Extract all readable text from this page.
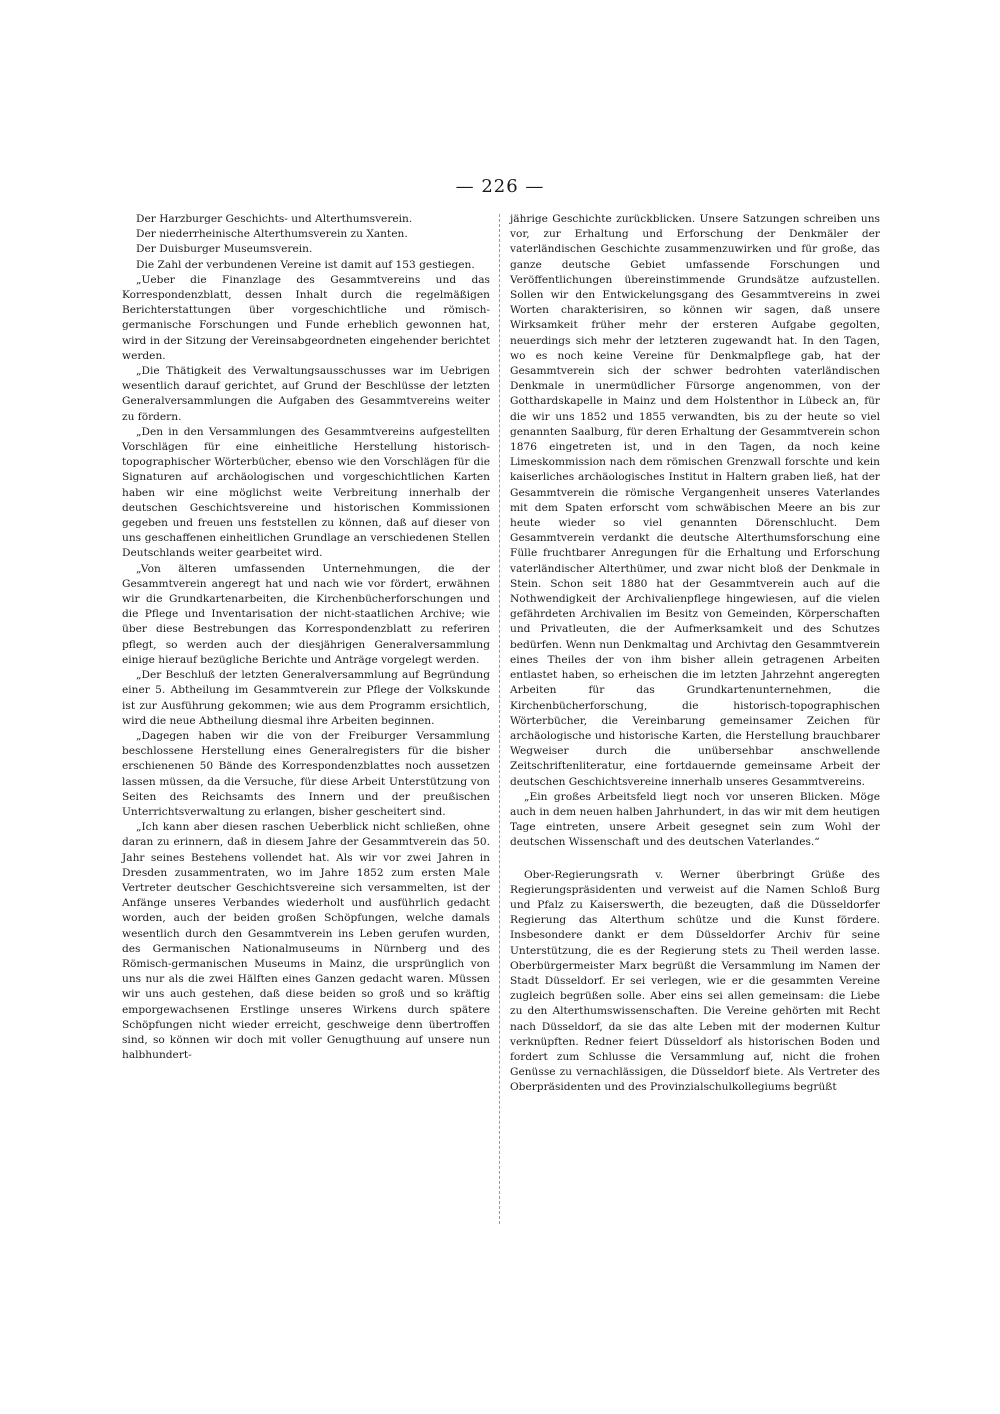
— 226 —

Der Harzburger Geschichts- und Alterthumsverein.

Der niederrheinische Alterthumsverein zu Xanten.

Der Duisburger Museumsverein.

Die Zahl der verbundenen Vereine ist damit auf 153 gestiegen.

„Ueber die Finanzlage des Gesammtvereins und das Korrespondenzblatt, dessen Inhalt durch die regelmäßigen Berichterstattungen über vorgeschichtliche und römisch-germanische Forschungen und Funde erheblich gewonnen hat, wird in der Sitzung der Vereinsabgeordneten eingehender berichtet werden.

„Die Thätigkeit des Verwaltungsausschusses war im Uebrigen wesentlich darauf gerichtet, auf Grund der Beschlüsse der letzten Generalversammlungen die Aufgaben des Gesammtvereins weiter zu fördern.

„Den in den Versammlungen des Gesammtvereins aufgestellten Vorschlägen für eine einheitliche Herstellung historisch-topographischer Wörterbücher, ebenso wie den Vorschlägen für die Signaturen auf archäologischen und vorgeschichtlichen Karten haben wir eine möglichst weite Verbreitung innerhalb der deutschen Geschichtsvereine und historischen Kommissionen gegeben und freuen uns feststellen zu können, daß auf dieser von uns geschaffenen einheitlichen Grundlage an verschiedenen Stellen Deutschlands weiter gearbeitet wird.

„Von älteren umfassenden Unternehmungen, die der Gesammtverein angeregt hat und nach wie vor fördert, erwähnen wir die Grundkartenarbeiten, die Kirchenbücherforschungen und die Pflege und Inventarisation der nicht-staatlichen Archive; wie über diese Bestrebungen das Korrespondenzblatt zu referiren pflegt, so werden auch der diesjährigen Generalversammlung einige hierauf bezügliche Berichte und Anträge vorgelegt werden.

„Der Beschluß der letzten Generalversammlung auf Begründung einer 5. Abtheilung im Gesammtverein zur Pflege der Volkskunde ist zur Ausführung gekommen; wie aus dem Programm ersichtlich, wird die neue Abtheilung diesmal ihre Arbeiten beginnen.

„Dagegen haben wir die von der Freiburger Versammlung beschlossene Herstellung eines Generalregisters für die bisher erschienenen 50 Bände des Korrespondenzblattes noch aussetzen lassen müssen, da die Versuche, für diese Arbeit Unterstützung von Seiten des Reichsamts des Innern und der preußischen Unterrichtsverwaltung zu erlangen, bisher gescheitert sind.

„Ich kann aber diesen raschen Ueberblick nicht schließen, ohne daran zu erinnern, daß in diesem Jahre der Gesammtverein das 50. Jahr seines Bestehens vollendet hat. Als wir vor zwei Jahren in Dresden zusammentraten, wo im Jahre 1852 zum ersten Male Vertreter deutscher Geschichtsvereine sich versammelten, ist der Anfänge unseres Verbandes wiederholt und ausführlich gedacht worden, auch der beiden großen Schöpfungen, welche damals wesentlich durch den Gesammtverein ins Leben gerufen wurden, des Germanischen Nationalmuseums in Nürnberg und des Römisch-germanischen Museums in Mainz, die ursprünglich von uns nur als die zwei Hälften eines Ganzen gedacht waren. Müssen wir uns auch gestehen, daß diese beiden so groß und so kräftig emporgewachsenen Erstlinge unseres Wirkens durch spätere Schöpfungen nicht wieder erreicht, geschweige denn übertroffen sind, so können wir doch mit voller Genugthuung auf unsere nun halbhundert-

jährige Geschichte zurückblicken. Unsere Satzungen schreiben uns vor, zur Erhaltung und Erforschung der Denkmäler der vaterländischen Geschichte zusammenzuwirken und für große, das ganze deutsche Gebiet umfassende Forschungen und Veröffentlichungen übereinstimmende Grundsätze aufzustellen. Sollen wir den Entwickelungsgang des Gesammtvereins in zwei Worten charakterisiren, so können wir sagen, daß unsere Wirksamkeit früher mehr der ersteren Aufgabe gegolten, neuerdings sich mehr der letzteren zugewandt hat. In den Tagen, wo es noch keine Vereine für Denkmalpflege gab, hat der Gesammtverein sich der schwer bedrohten vaterländischen Denkmale in unermüdlicher Fürsorge angenommen, von der Gotthardskapelle in Mainz und dem Holstenthor in Lübeck an, für die wir uns 1852 und 1855 verwandten, bis zu der heute so viel genannten Saalburg, für deren Erhaltung der Gesammtverein schon 1876 eingetreten ist, und in den Tagen, da noch keine Limeskommission nach dem römischen Grenzwall forschte und kein kaiserliches archäologisches Institut in Haltern graben ließ, hat der Gesammtverein die römische Vergangenheit unseres Vaterlandes mit dem Spaten erforscht vom schwäbischen Meere an bis zur heute wieder so viel genannten Dörenschlucht. Dem Gesammtverein verdankt die deutsche Alterthumsforschung eine Fülle fruchtbarer Anregungen für die Erhaltung und Erforschung vaterländischer Alterthümer, und zwar nicht bloß der Denkmale in Stein. Schon seit 1880 hat der Gesammtverein auch auf die Nothwendigkeit der Archivalienpflege hingewiesen, auf die vielen gefährdeten Archivalien im Besitz von Gemeinden, Körperschaften und Privatleuten, die der Aufmerksamkeit und des Schutzes bedürfen. Wenn nun Denkmaltag und Archivtag den Gesammtverein eines Theiles der von ihm bisher allein getragenen Arbeiten entlastet haben, so erheischen die im letzten Jahrzehnt angeregten Arbeiten für das Grundkartenunternehmen, die Kirchenbücherforschung, die historisch-topographischen Wörterbücher, die Vereinbarung gemeinsamer Zeichen für archäologische und historische Karten, die Herstellung brauchbarer Wegweiser durch die unübersehbar anschwellende Zeitschriftenliteratur, eine fortdauernde gemeinsame Arbeit der deutschen Geschichtsvereine innerhalb unseres Gesammtvereins.

„Ein großes Arbeitsfeld liegt noch vor unseren Blicken. Möge auch in dem neuen halben Jahrhundert, in das wir mit dem heutigen Tage eintreten, unsere Arbeit gesegnet sein zum Wohl der deutschen Wissenschaft und des deutschen Vaterlandes.“

Ober-Regierungsrath v. Werner überbringt Grüße des Regierungspräsidenten und verweist auf die Namen Schloß Burg und Pfalz zu Kaiserswerth, die bezeugten, daß die Düsseldorfer Regierung das Alterthum schütze und die Kunst fördere. Insbesondere dankt er dem Düsseldorfer Archiv für seine Unterstützung, die es der Regierung stets zu Theil werden lasse. Oberbürgermeister Marx begrüßt die Versammlung im Namen der Stadt Düsseldorf. Er sei verlegen, wie er die gesammten Vereine zugleich begrüßen solle. Aber eins sei allen gemeinsam: die Liebe zu den Alterthumswissenschaften. Die Vereine gehörten mit Recht nach Düsseldorf, da sie das alte Leben mit der modernen Kultur verknüpften. Redner feiert Düsseldorf als historischen Boden und fordert zum Schlusse die Versammlung auf, nicht die frohen Genüsse zu vernachlässigen, die Düsseldorf biete. Als Vertreter des Oberpräsidenten und des Provinzialschulkollegiums begrüßt
